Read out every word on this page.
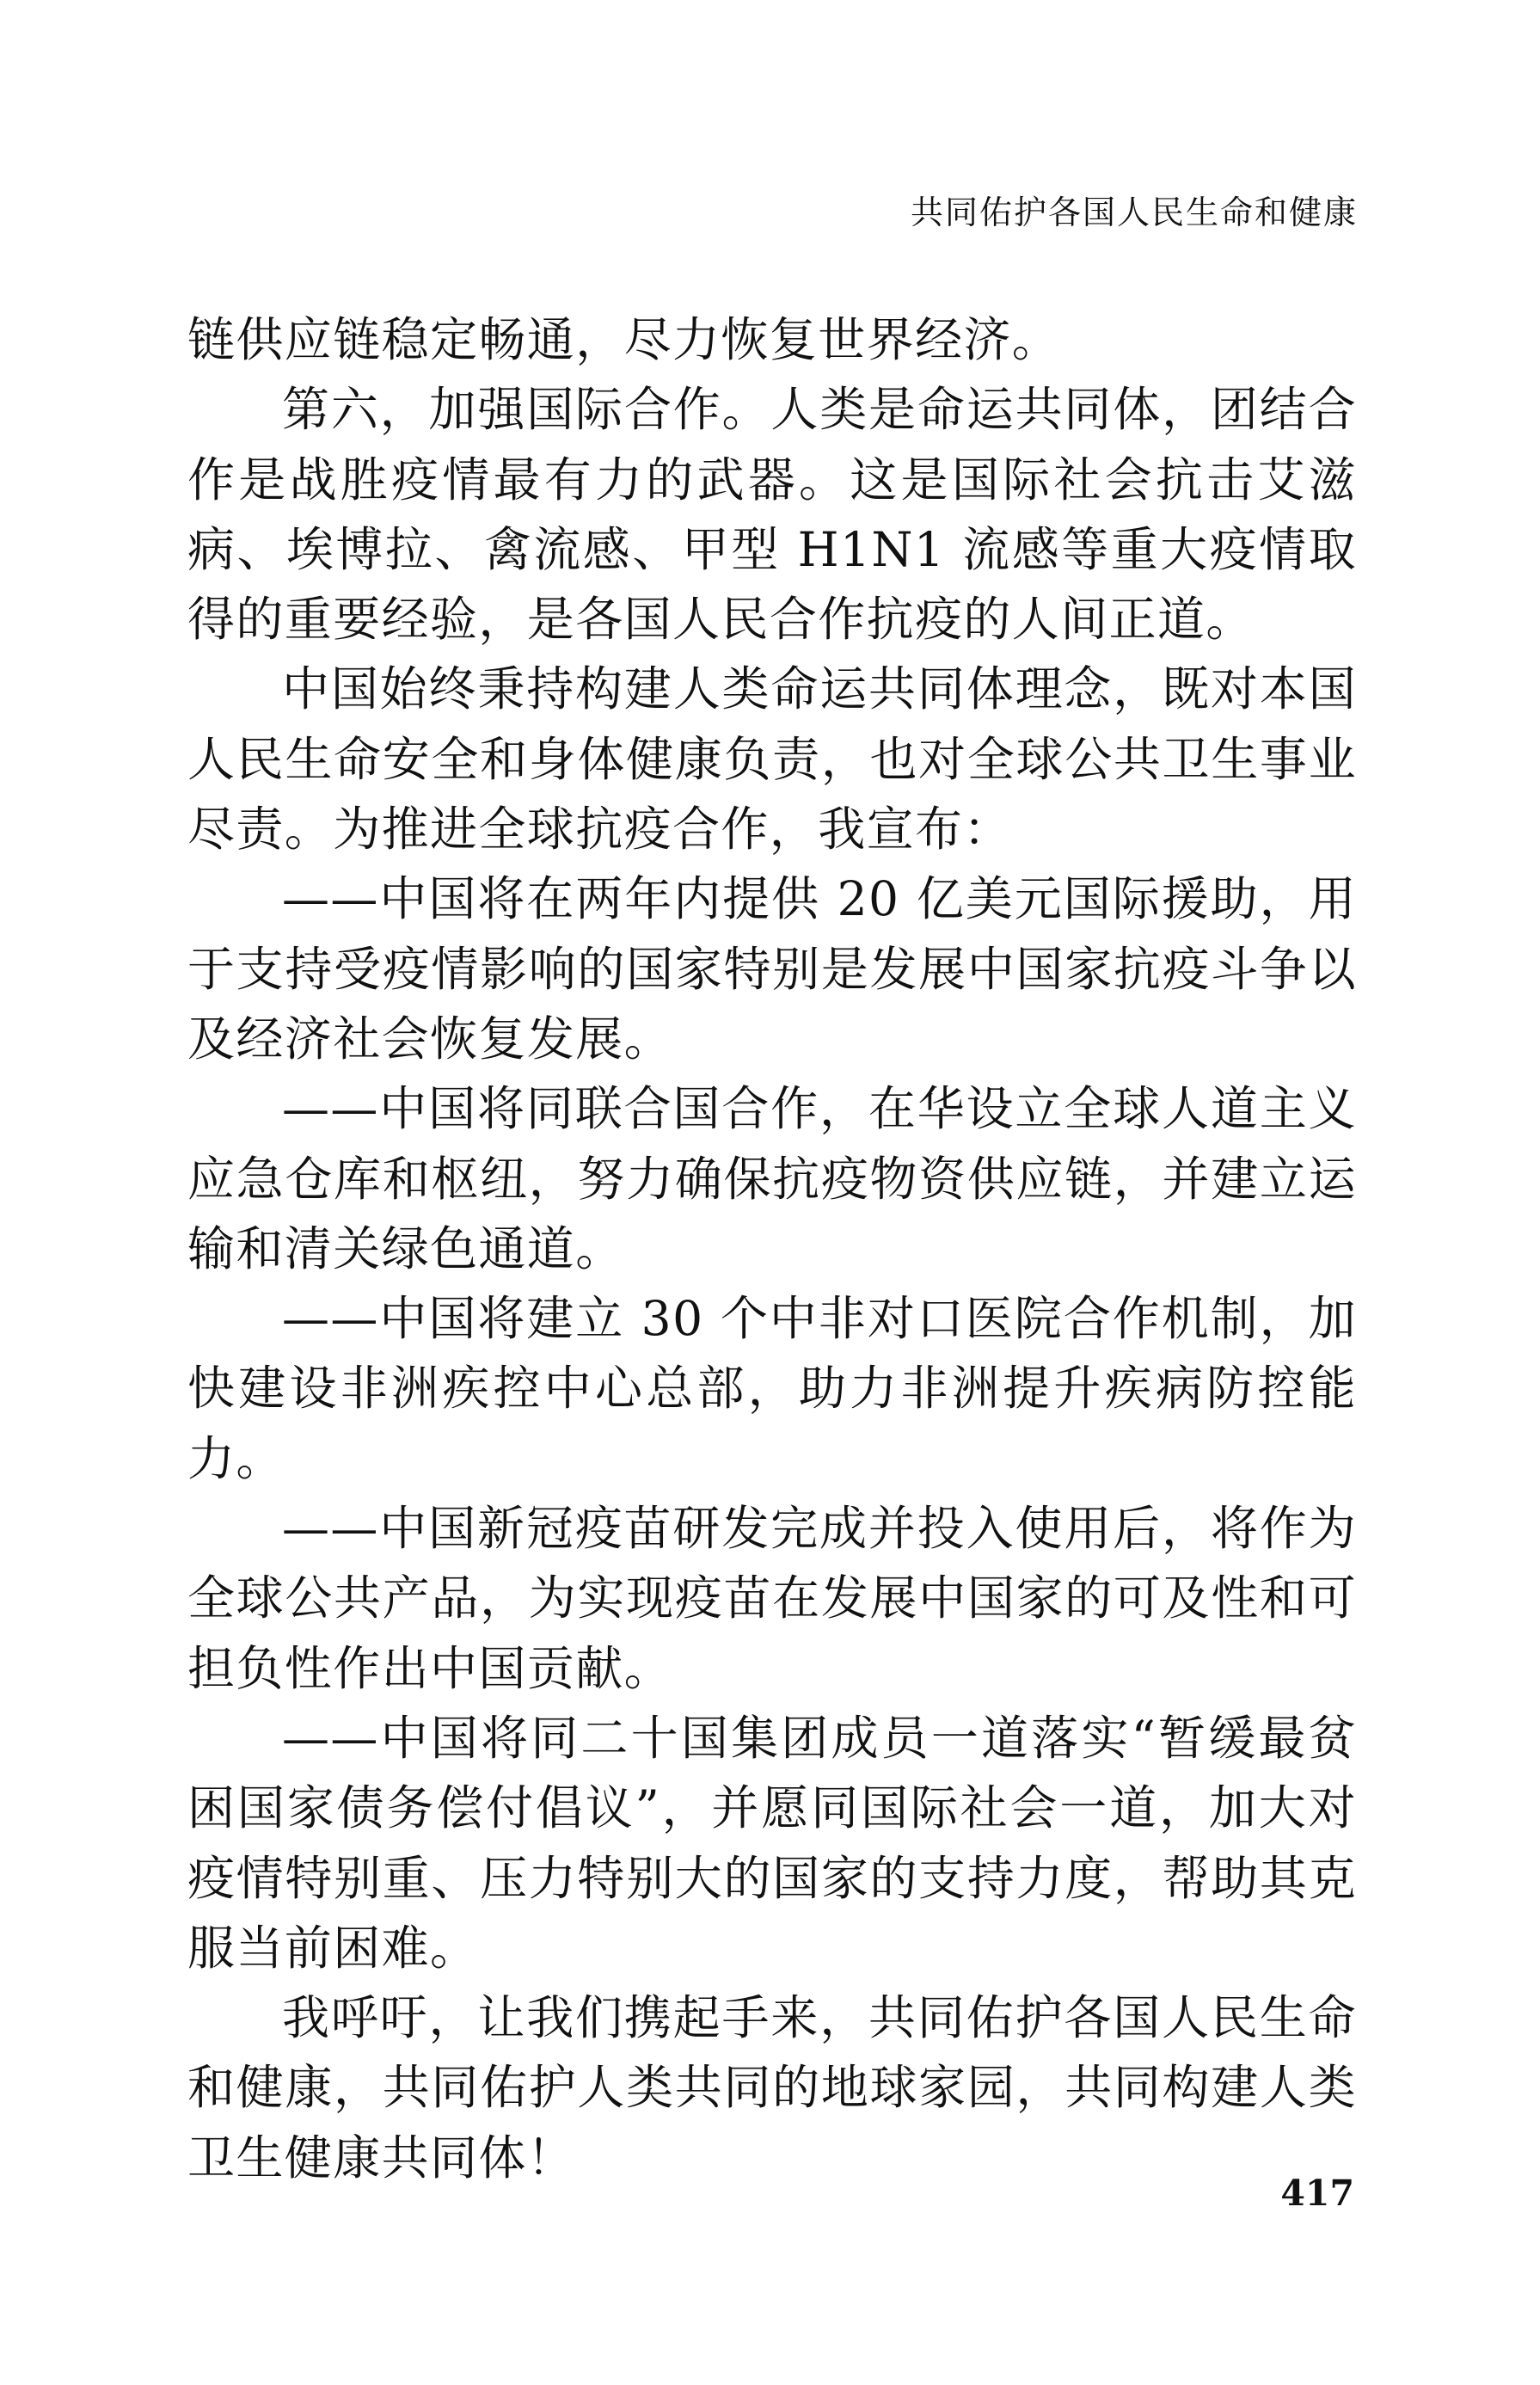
共同佑护各国人民生命和健康

链供应链稳定畅通，尽力恢复世界经济。

第六，加强国际合作。人类是命运共同体，团结合作是战胜疫情最有力的武器。这是国际社会抗击艾滋病、埃博拉、禽流感、甲型 H1N1 流感等重大疫情取得的重要经验，是各国人民合作抗疫的人间正道。

中国始终秉持构建人类命运共同体理念，既对本国人民生命安全和身体健康负责，也对全球公共卫生事业尽责。为推进全球抗疫合作，我宣布：

——中国将在两年内提供 20 亿美元国际援助，用于支持受疫情影响的国家特别是发展中国家抗疫斗争以及经济社会恢复发展。

——中国将同联合国合作，在华设立全球人道主义应急仓库和枢纽，努力确保抗疫物资供应链，并建立运输和清关绿色通道。

——中国将建立 30 个中非对口医院合作机制，加快建设非洲疾控中心总部，助力非洲提升疾病防控能力。

——中国新冠疫苗研发完成并投入使用后，将作为全球公共产品，为实现疫苗在发展中国家的可及性和可担负性作出中国贡献。

——中国将同二十国集团成员一道落实“暂缓最贫困国家债务偿付倡议”，并愿同国际社会一道，加大对疫情特别重、压力特别大的国家的支持力度，帮助其克服当前困难。

我呼吁，让我们携起手来，共同佑护各国人民生命和健康，共同佑护人类共同的地球家园，共同构建人类卫生健康共同体！

417
